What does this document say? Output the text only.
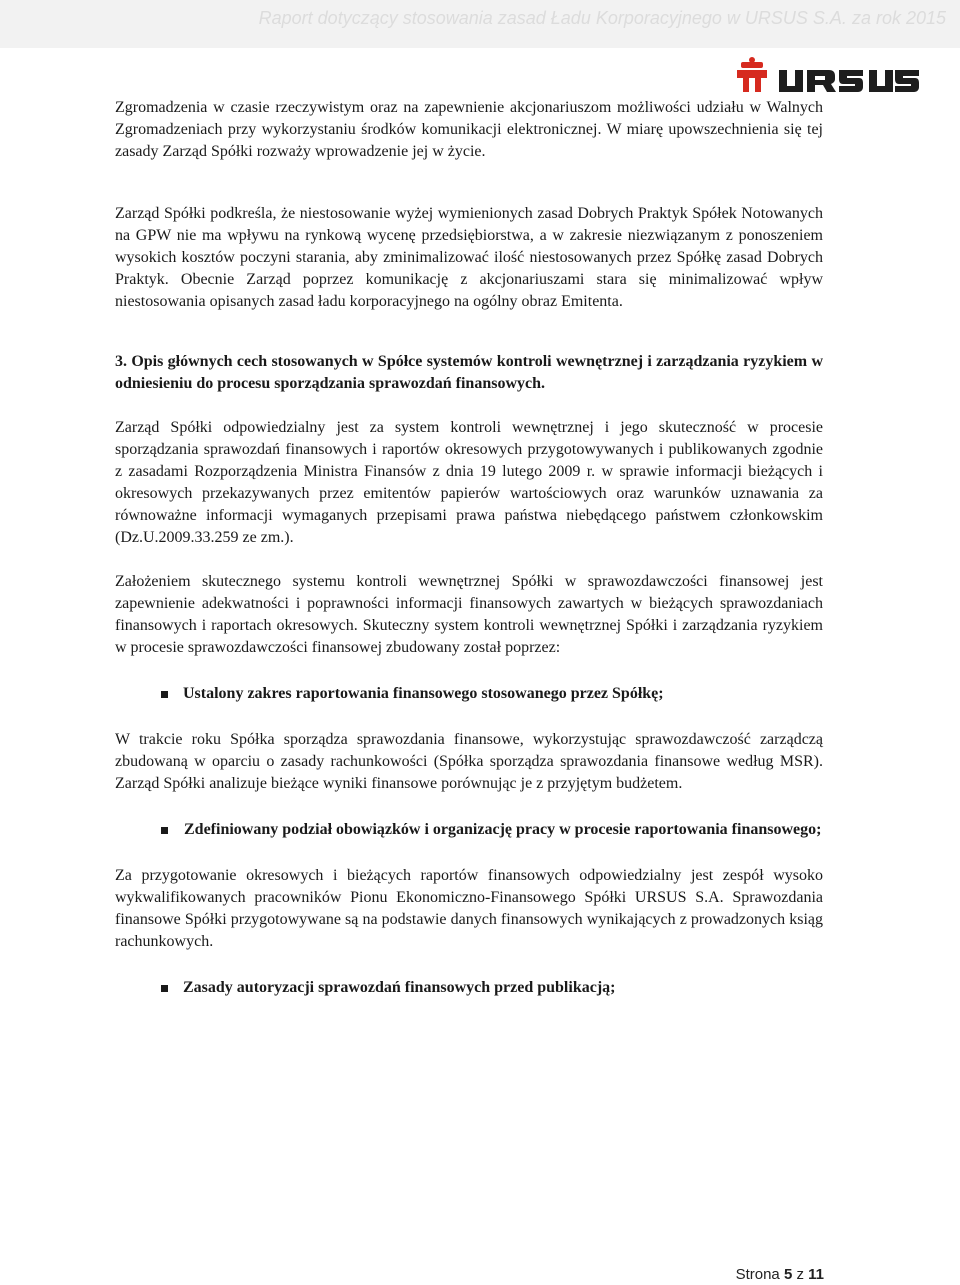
Raport dotyczący stosowania zasad Ładu Korporacyjnego w URSUS S.A. za rok 2015

Zgromadzenia w czasie rzeczywistym oraz na zapewnienie akcjonariuszom możliwości udziału w Walnych Zgromadzeniach przy wykorzystaniu środków komunikacji elektronicznej. W miarę upowszechnienia się tej zasady Zarząd Spółki rozważy wprowadzenie jej w życie.

Zarząd Spółki podkreśla, że niestosowanie wyżej wymienionych zasad Dobrych Praktyk Spółek Notowanych na GPW nie ma wpływu na rynkową wycenę przedsiębiorstwa, a w zakresie niezwiązanym z ponoszeniem wysokich kosztów poczyni starania, aby zminimalizować ilość niestosowanych przez Spółkę zasad Dobrych Praktyk. Obecnie Zarząd poprzez komunikację z akcjonariuszami stara się minimalizować wpływ niestosowania opisanych zasad ładu korporacyjnego na ogólny obraz Emitenta.

3. Opis głównych cech stosowanych w Spółce systemów kontroli wewnętrznej i zarządzania ryzykiem w odniesieniu do procesu sporządzania sprawozdań finansowych.

Zarząd Spółki odpowiedzialny jest za system kontroli wewnętrznej i jego skuteczność w procesie sporządzania sprawozdań finansowych i raportów okresowych przygotowywanych i publikowanych zgodnie z zasadami Rozporządzenia Ministra Finansów z dnia 19 lutego 2009 r. w sprawie informacji bieżących i okresowych przekazywanych przez emitentów papierów wartościowych oraz warunków uznawania za równoważne informacji wymaganych przepisami prawa państwa niebędącego państwem członkowskim (Dz.U.2009.33.259 ze zm.).

Założeniem skutecznego systemu kontroli wewnętrznej Spółki w sprawozdawczości finansowej jest zapewnienie adekwatności i poprawności informacji finansowych zawartych w bieżących sprawozdaniach finansowych i raportach okresowych. Skuteczny system kontroli wewnętrznej Spółki i zarządzania ryzykiem w procesie sprawozdawczości finansowej zbudowany został poprzez:

Ustalony zakres raportowania finansowego stosowanego przez Spółkę;

W trakcie roku Spółka sporządza sprawozdania finansowe, wykorzystując sprawozdawczość zarządczą zbudowaną w oparciu o zasady rachunkowości (Spółka sporządza sprawozdania finansowe według MSR). Zarząd Spółki analizuje bieżące wyniki finansowe porównując je z przyjętym budżetem.

Zdefiniowany podział obowiązków i organizację pracy w procesie raportowania finansowego;

Za przygotowanie okresowych i bieżących raportów finansowych odpowiedzialny jest zespół wysoko wykwalifikowanych pracowników Pionu Ekonomiczno-Finansowego Spółki URSUS S.A. Sprawozdania finansowe Spółki przygotowywane są na podstawie danych finansowych wynikających z prowadzonych ksiąg rachunkowych.

Zasady autoryzacji sprawozdań finansowych przed publikacją;
Strona 5 z 11
